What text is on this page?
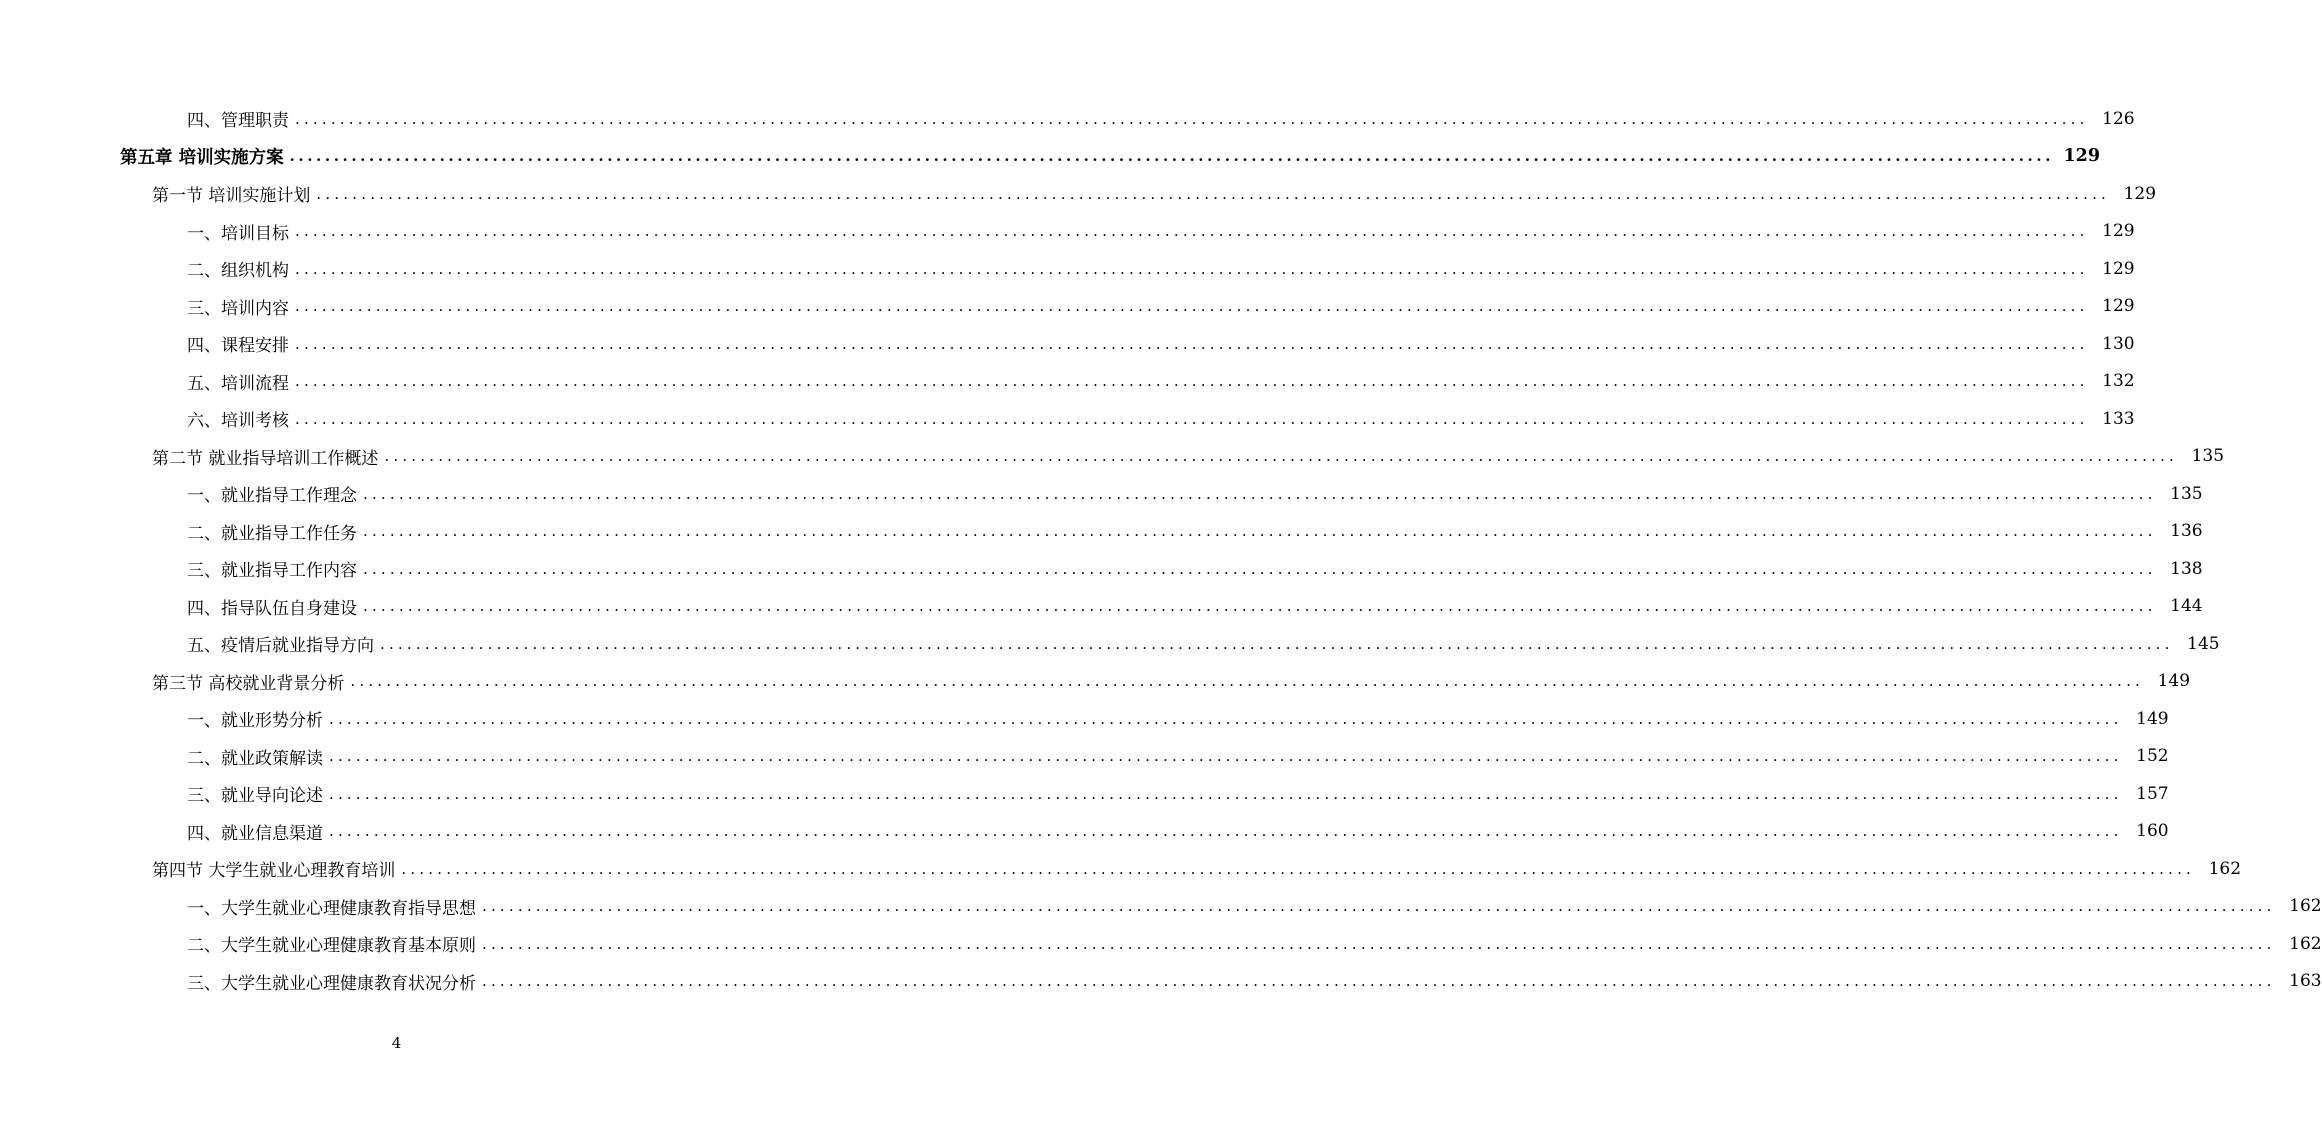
四、管理职责 ........................................................................................................................................................................................................ 126
第五章 培训实施方案 ........................................................................................................................................................................................................ 129
第一节 培训实施计划 ........................................................................................................................................................................................................ 129
一、培训目标 ........................................................................................................................................................................................................ 129
二、组织机构 ........................................................................................................................................................................................................ 129
三、培训内容 ........................................................................................................................................................................................................ 129
四、课程安排 ........................................................................................................................................................................................................ 130
五、培训流程 ........................................................................................................................................................................................................ 132
六、培训考核 ........................................................................................................................................................................................................ 133
第二节 就业指导培训工作概述 ........................................................................................................................................................................................................ 135
一、就业指导工作理念 ........................................................................................................................................................................................................ 135
二、就业指导工作任务 ........................................................................................................................................................................................................ 136
三、就业指导工作内容 ........................................................................................................................................................................................................ 138
四、指导队伍自身建设 ........................................................................................................................................................................................................ 144
五、疫情后就业指导方向 ........................................................................................................................................................................................................ 145
第三节 高校就业背景分析 ........................................................................................................................................................................................................ 149
一、就业形势分析 ........................................................................................................................................................................................................ 149
二、就业政策解读 ........................................................................................................................................................................................................ 152
三、就业导向论述 ........................................................................................................................................................................................................ 157
四、就业信息渠道 ........................................................................................................................................................................................................ 160
第四节 大学生就业心理教育培训 ........................................................................................................................................................................................................ 162
一、大学生就业心理健康教育指导思想 ........................................................................................................................................................................................................ 162
二、大学生就业心理健康教育基本原则 ........................................................................................................................................................................................................ 162
三、大学生就业心理健康教育状况分析 ........................................................................................................................................................................................................ 163
4
